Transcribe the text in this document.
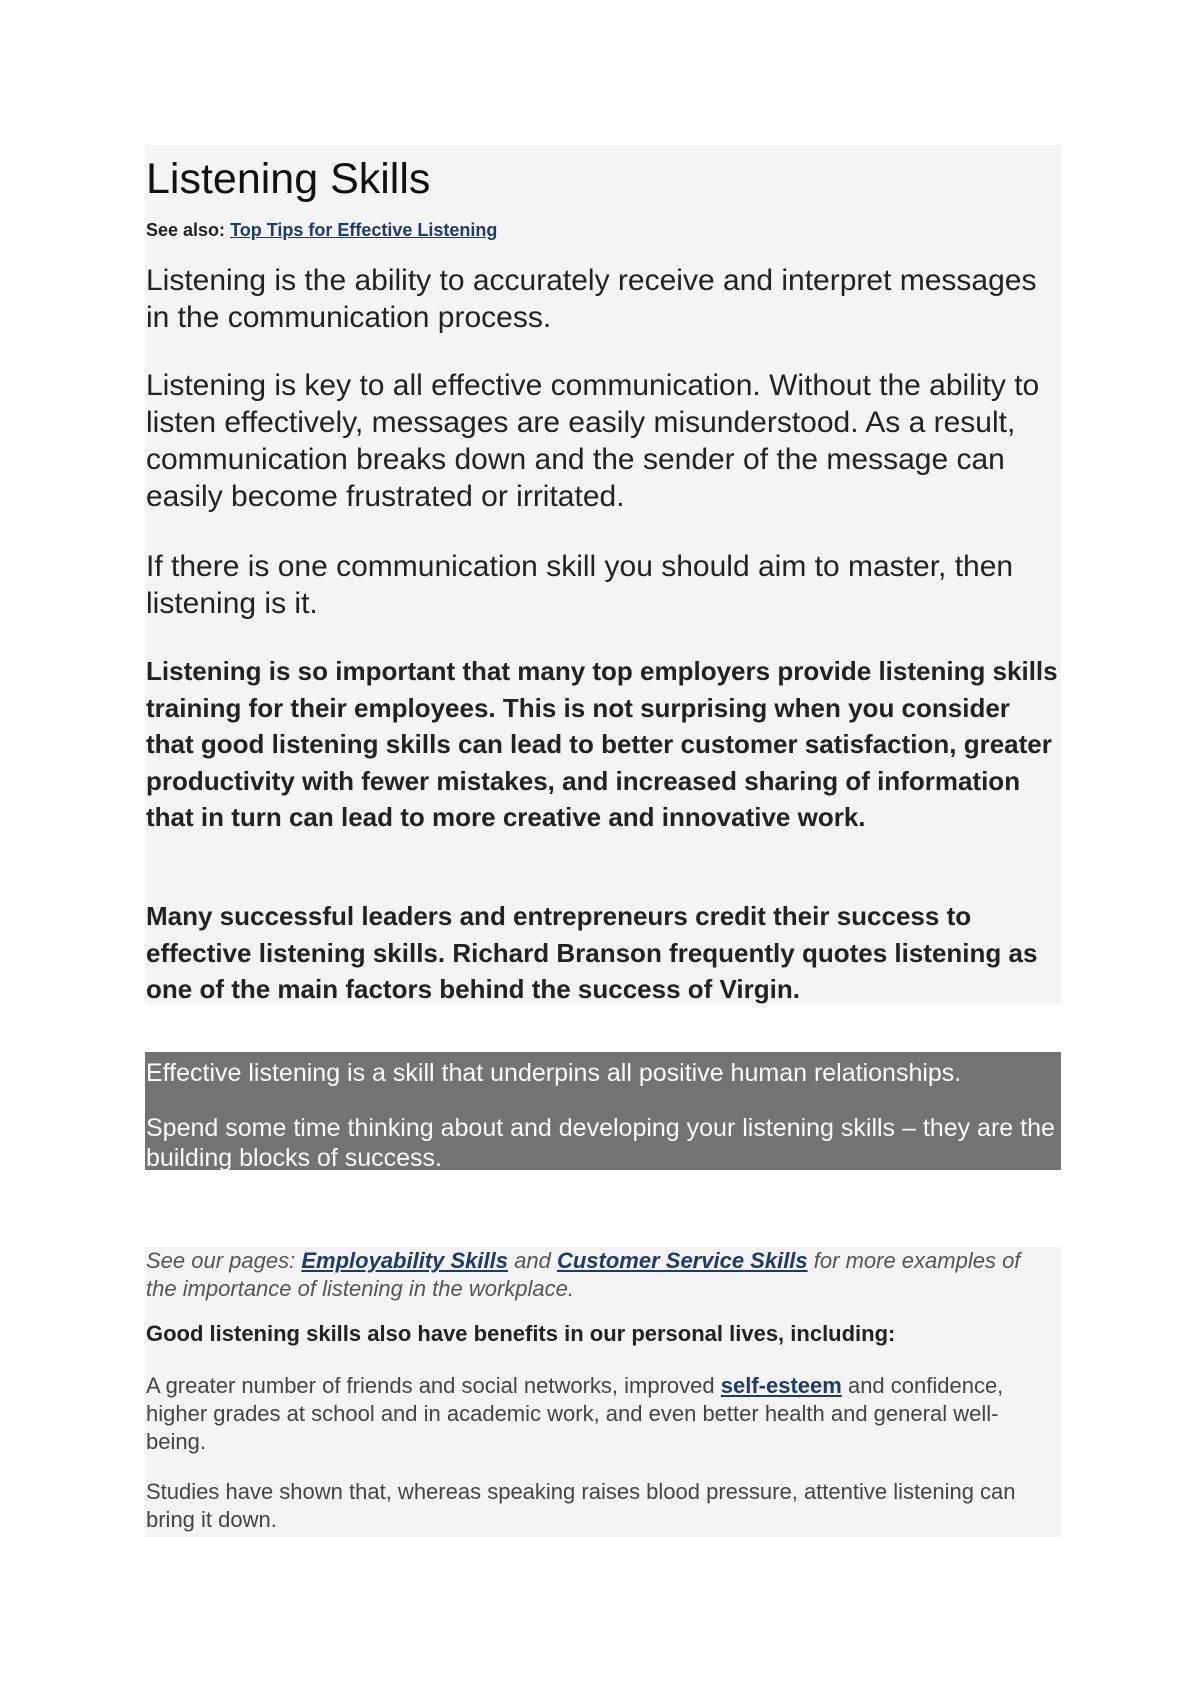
Listening Skills
See also: Top Tips for Effective Listening

Listening is the ability to accurately receive and interpret messages in the communication process.

Listening is key to all effective communication. Without the ability to listen effectively, messages are easily misunderstood. As a result, communication breaks down and the sender of the message can easily become frustrated or irritated.

If there is one communication skill you should aim to master, then listening is it.

Listening is so important that many top employers provide listening skills training for their employees. This is not surprising when you consider that good listening skills can lead to better customer satisfaction, greater productivity with fewer mistakes, and increased sharing of information that in turn can lead to more creative and innovative work.

Many successful leaders and entrepreneurs credit their success to effective listening skills. Richard Branson frequently quotes listening as one of the main factors behind the success of Virgin.

Effective listening is a skill that underpins all positive human relationships.

Spend some time thinking about and developing your listening skills – they are the building blocks of success.

See our pages: Employability Skills and Customer Service Skills for more examples of the importance of listening in the workplace.

Good listening skills also have benefits in our personal lives, including:

A greater number of friends and social networks, improved self-esteem and confidence, higher grades at school and in academic work, and even better health and general well-being.

Studies have shown that, whereas speaking raises blood pressure, attentive listening can bring it down.
